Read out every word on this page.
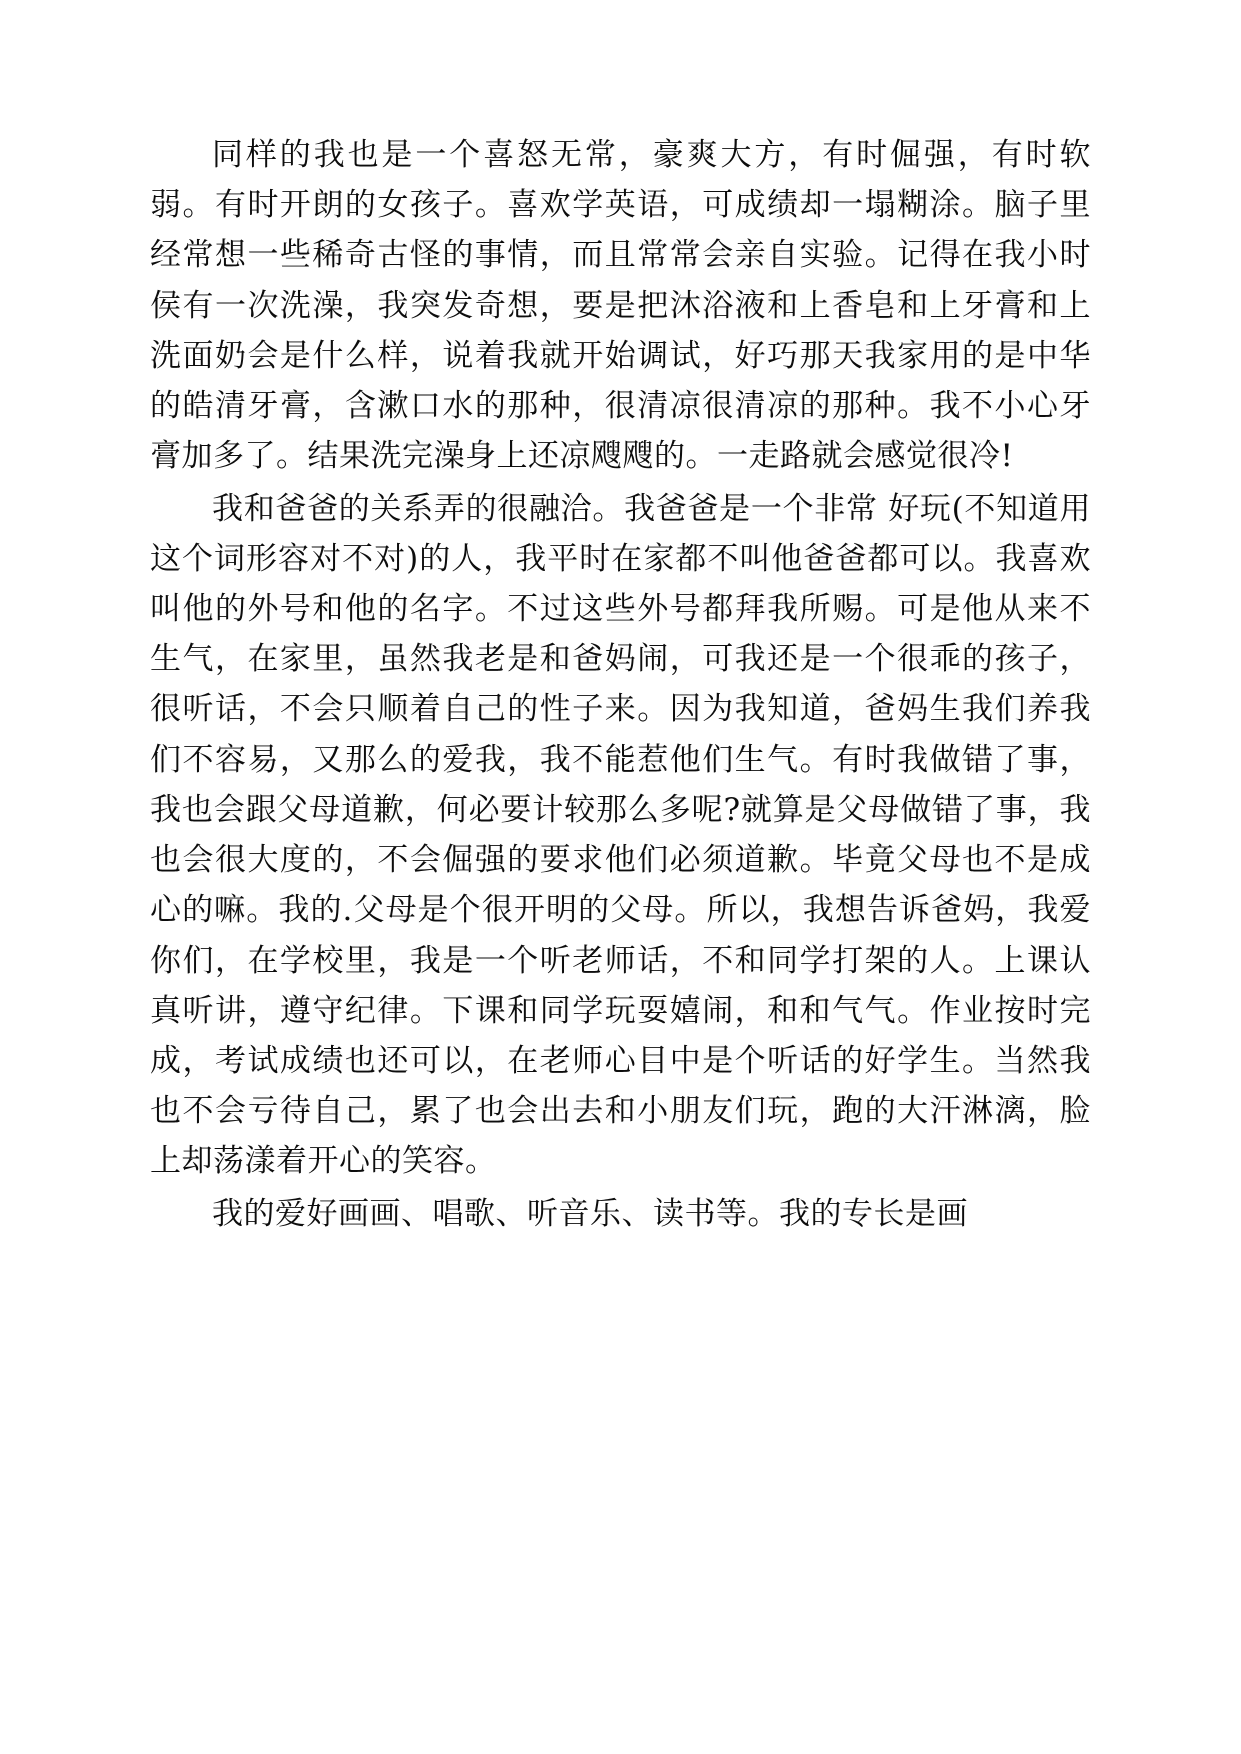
同样的我也是一个喜怒无常，豪爽大方，有时倔强，有时软弱。有时开朗的女孩子。喜欢学英语，可成绩却一塌糊涂。脑子里经常想一些稀奇古怪的事情，而且常常会亲自实验。记得在我小时侯有一次洗澡，我突发奇想，要是把沐浴液和上香皂和上牙膏和上洗面奶会是什么样，说着我就开始调试，好巧那天我家用的是中华的皓清牙膏，含漱口水的那种，很清凉很清凉的那种。我不小心牙膏加多了。结果洗完澡身上还凉飕飕的。一走路就会感觉很冷!

我和爸爸的关系弄的很融洽。我爸爸是一个非常 好玩(不知道用这个词形容对不对)的人，我平时在家都不叫他爸爸都可以。我喜欢叫他的外号和他的名字。不过这些外号都拜我所赐。可是他从来不生气，在家里，虽然我老是和爸妈闹，可我还是一个很乖的孩子，很听话，不会只顺着自己的性子来。因为我知道，爸妈生我们养我们不容易，又那么的爱我，我不能惹他们生气。有时我做错了事，我也会跟父母道歉，何必要计较那么多呢?就算是父母做错了事，我也会很大度的，不会倔强的要求他们必须道歉。毕竟父母也不是成心的嘛。我的.父母是个很开明的父母。所以，我想告诉爸妈，我爱你们，在学校里，我是一个听老师话，不和同学打架的人。上课认真听讲，遵守纪律。下课和同学玩耍嬉闹，和和气气。作业按时完成，考试成绩也还可以，在老师心目中是个听话的好学生。当然我也不会亏待自己，累了也会出去和小朋友们玩，跑的大汗淋漓，脸上却荡漾着开心的笑容。

我的爱好画画、唱歌、听音乐、读书等。我的专长是画
